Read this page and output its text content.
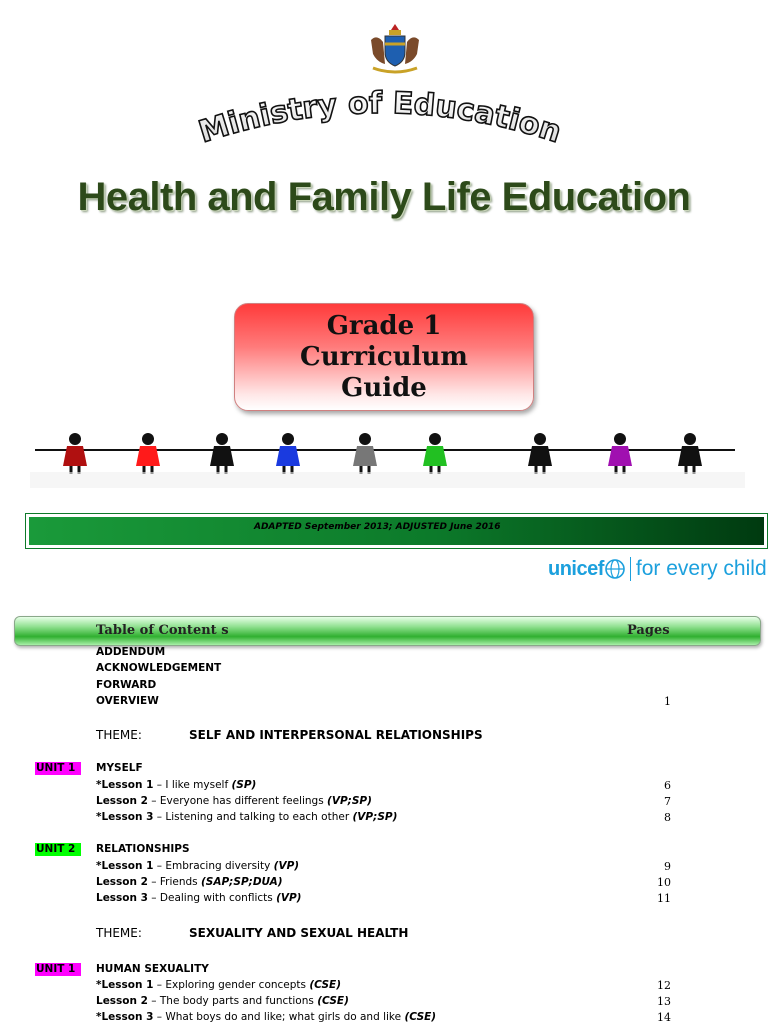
Ministry of Education
Health and Family Life Education
Grade 1
Curriculum
Guide
ADAPTED September 2013; ADJUSTED June 2016
unicef for every child
Table of Content s	Pages
ADDENDUM
ACKNOWLEDGEMENT
FORWARD
OVERVIEW	1
THEME:	SELF AND INTERPERSONAL RELATIONSHIPS
UNIT 1	MYSELF
*Lesson 1 – I like myself (SP)	6
Lesson 2 – Everyone has different feelings (VP;SP)	7
*Lesson 3 – Listening and talking to each other (VP;SP)	8
UNIT 2	RELATIONSHIPS
*Lesson 1 – Embracing diversity (VP)	9
Lesson 2 – Friends (SAP;SP;DUA)	10
Lesson 3 – Dealing with conflicts (VP)	11
THEME:	SEXUALITY AND SEXUAL HEALTH
UNIT 1	HUMAN SEXUALITY
*Lesson 1 – Exploring gender concepts (CSE)	12
Lesson 2 – The body parts and functions (CSE)	13
*Lesson 3 – What boys do and like; what girls do and like (CSE)	14
